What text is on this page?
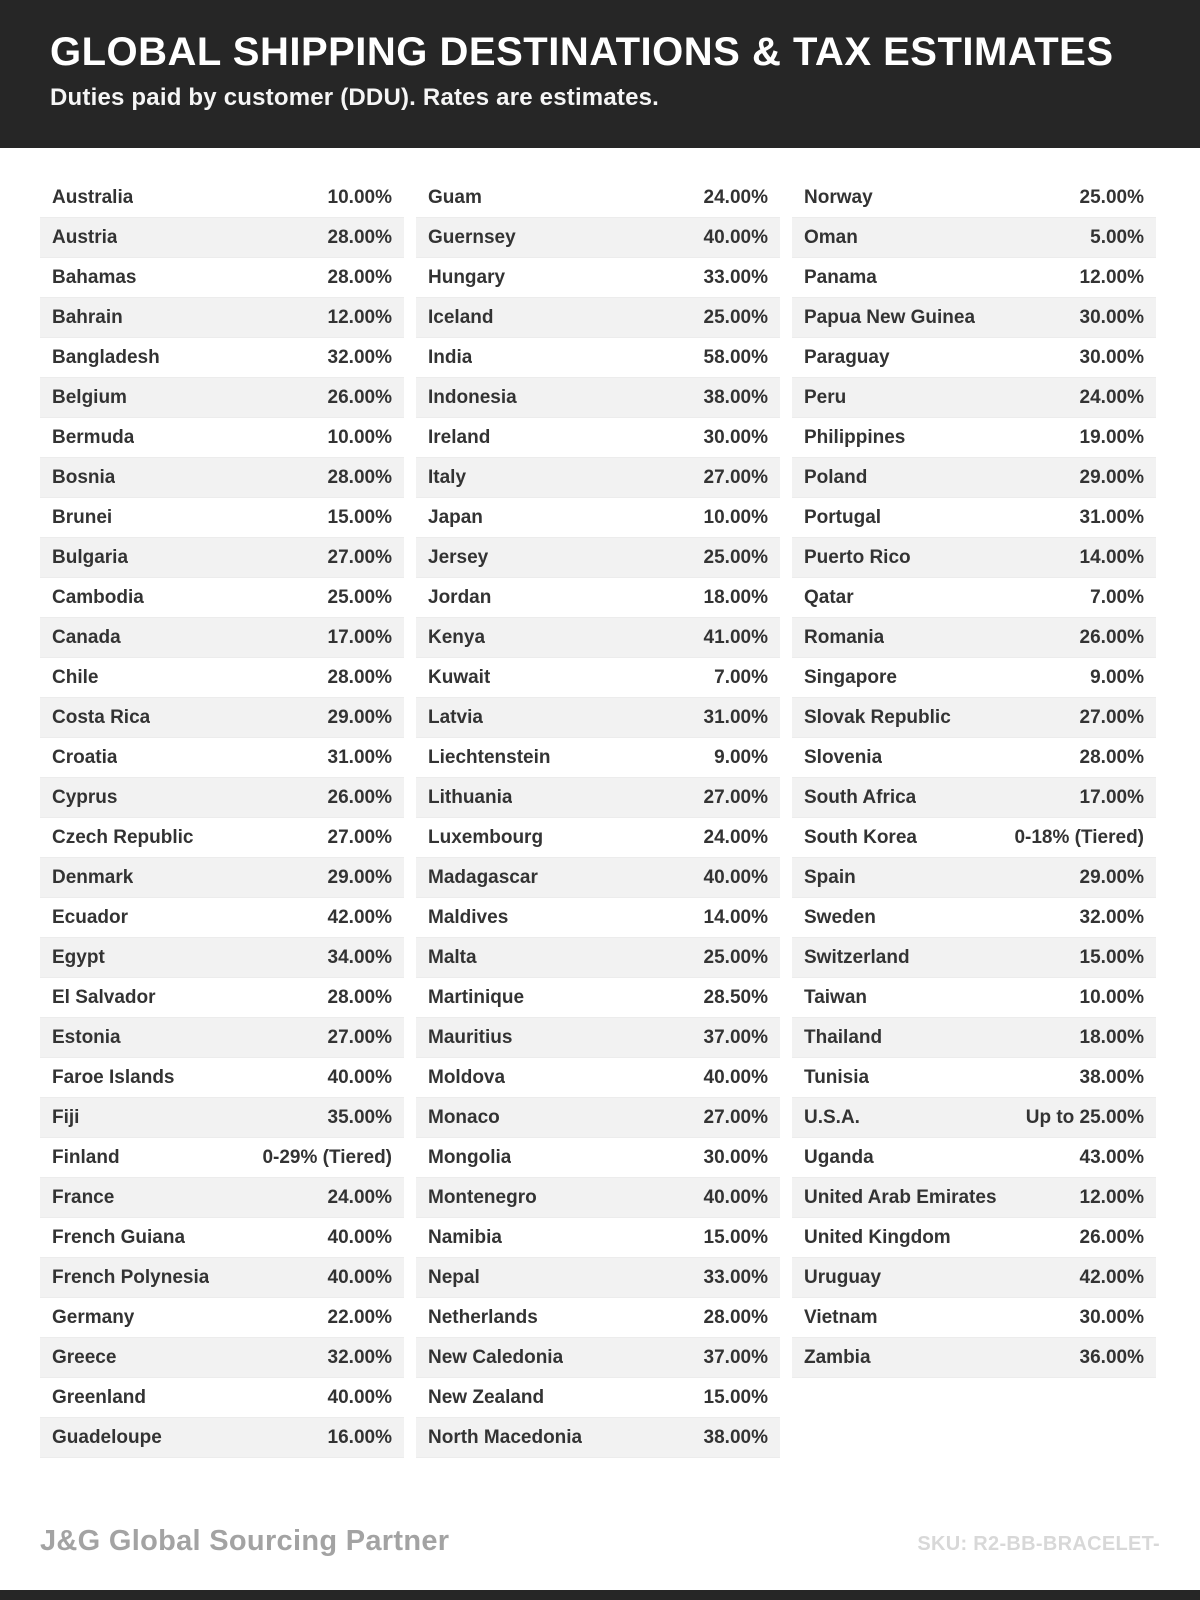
GLOBAL SHIPPING DESTINATIONS & TAX ESTIMATES
Duties paid by customer (DDU). Rates are estimates.
Australia	10.00%
Austria	28.00%
Bahamas	28.00%
Bahrain	12.00%
Bangladesh	32.00%
Belgium	26.00%
Bermuda	10.00%
Bosnia	28.00%
Brunei	15.00%
Bulgaria	27.00%
Cambodia	25.00%
Canada	17.00%
Chile	28.00%
Costa Rica	29.00%
Croatia	31.00%
Cyprus	26.00%
Czech Republic	27.00%
Denmark	29.00%
Ecuador	42.00%
Egypt	34.00%
El Salvador	28.00%
Estonia	27.00%
Faroe Islands	40.00%
Fiji	35.00%
Finland	0-29% (Tiered)
France	24.00%
French Guiana	40.00%
French Polynesia	40.00%
Germany	22.00%
Greece	32.00%
Greenland	40.00%
Guadeloupe	16.00%
Guam	24.00%
Guernsey	40.00%
Hungary	33.00%
Iceland	25.00%
India	58.00%
Indonesia	38.00%
Ireland	30.00%
Italy	27.00%
Japan	10.00%
Jersey	25.00%
Jordan	18.00%
Kenya	41.00%
Kuwait	7.00%
Latvia	31.00%
Liechtenstein	9.00%
Lithuania	27.00%
Luxembourg	24.00%
Madagascar	40.00%
Maldives	14.00%
Malta	25.00%
Martinique	28.50%
Mauritius	37.00%
Moldova	40.00%
Monaco	27.00%
Mongolia	30.00%
Montenegro	40.00%
Namibia	15.00%
Nepal	33.00%
Netherlands	28.00%
New Caledonia	37.00%
New Zealand	15.00%
North Macedonia	38.00%
Norway	25.00%
Oman	5.00%
Panama	12.00%
Papua New Guinea	30.00%
Paraguay	30.00%
Peru	24.00%
Philippines	19.00%
Poland	29.00%
Portugal	31.00%
Puerto Rico	14.00%
Qatar	7.00%
Romania	26.00%
Singapore	9.00%
Slovak Republic	27.00%
Slovenia	28.00%
South Africa	17.00%
South Korea	0-18% (Tiered)
Spain	29.00%
Sweden	32.00%
Switzerland	15.00%
Taiwan	10.00%
Thailand	18.00%
Tunisia	38.00%
U.S.A.	Up to 25.00%
Uganda	43.00%
United Arab Emirates	12.00%
United Kingdom	26.00%
Uruguay	42.00%
Vietnam	30.00%
Zambia	36.00%
J&G Global Sourcing Partner	SKU: R2-BB-BRACELET-
